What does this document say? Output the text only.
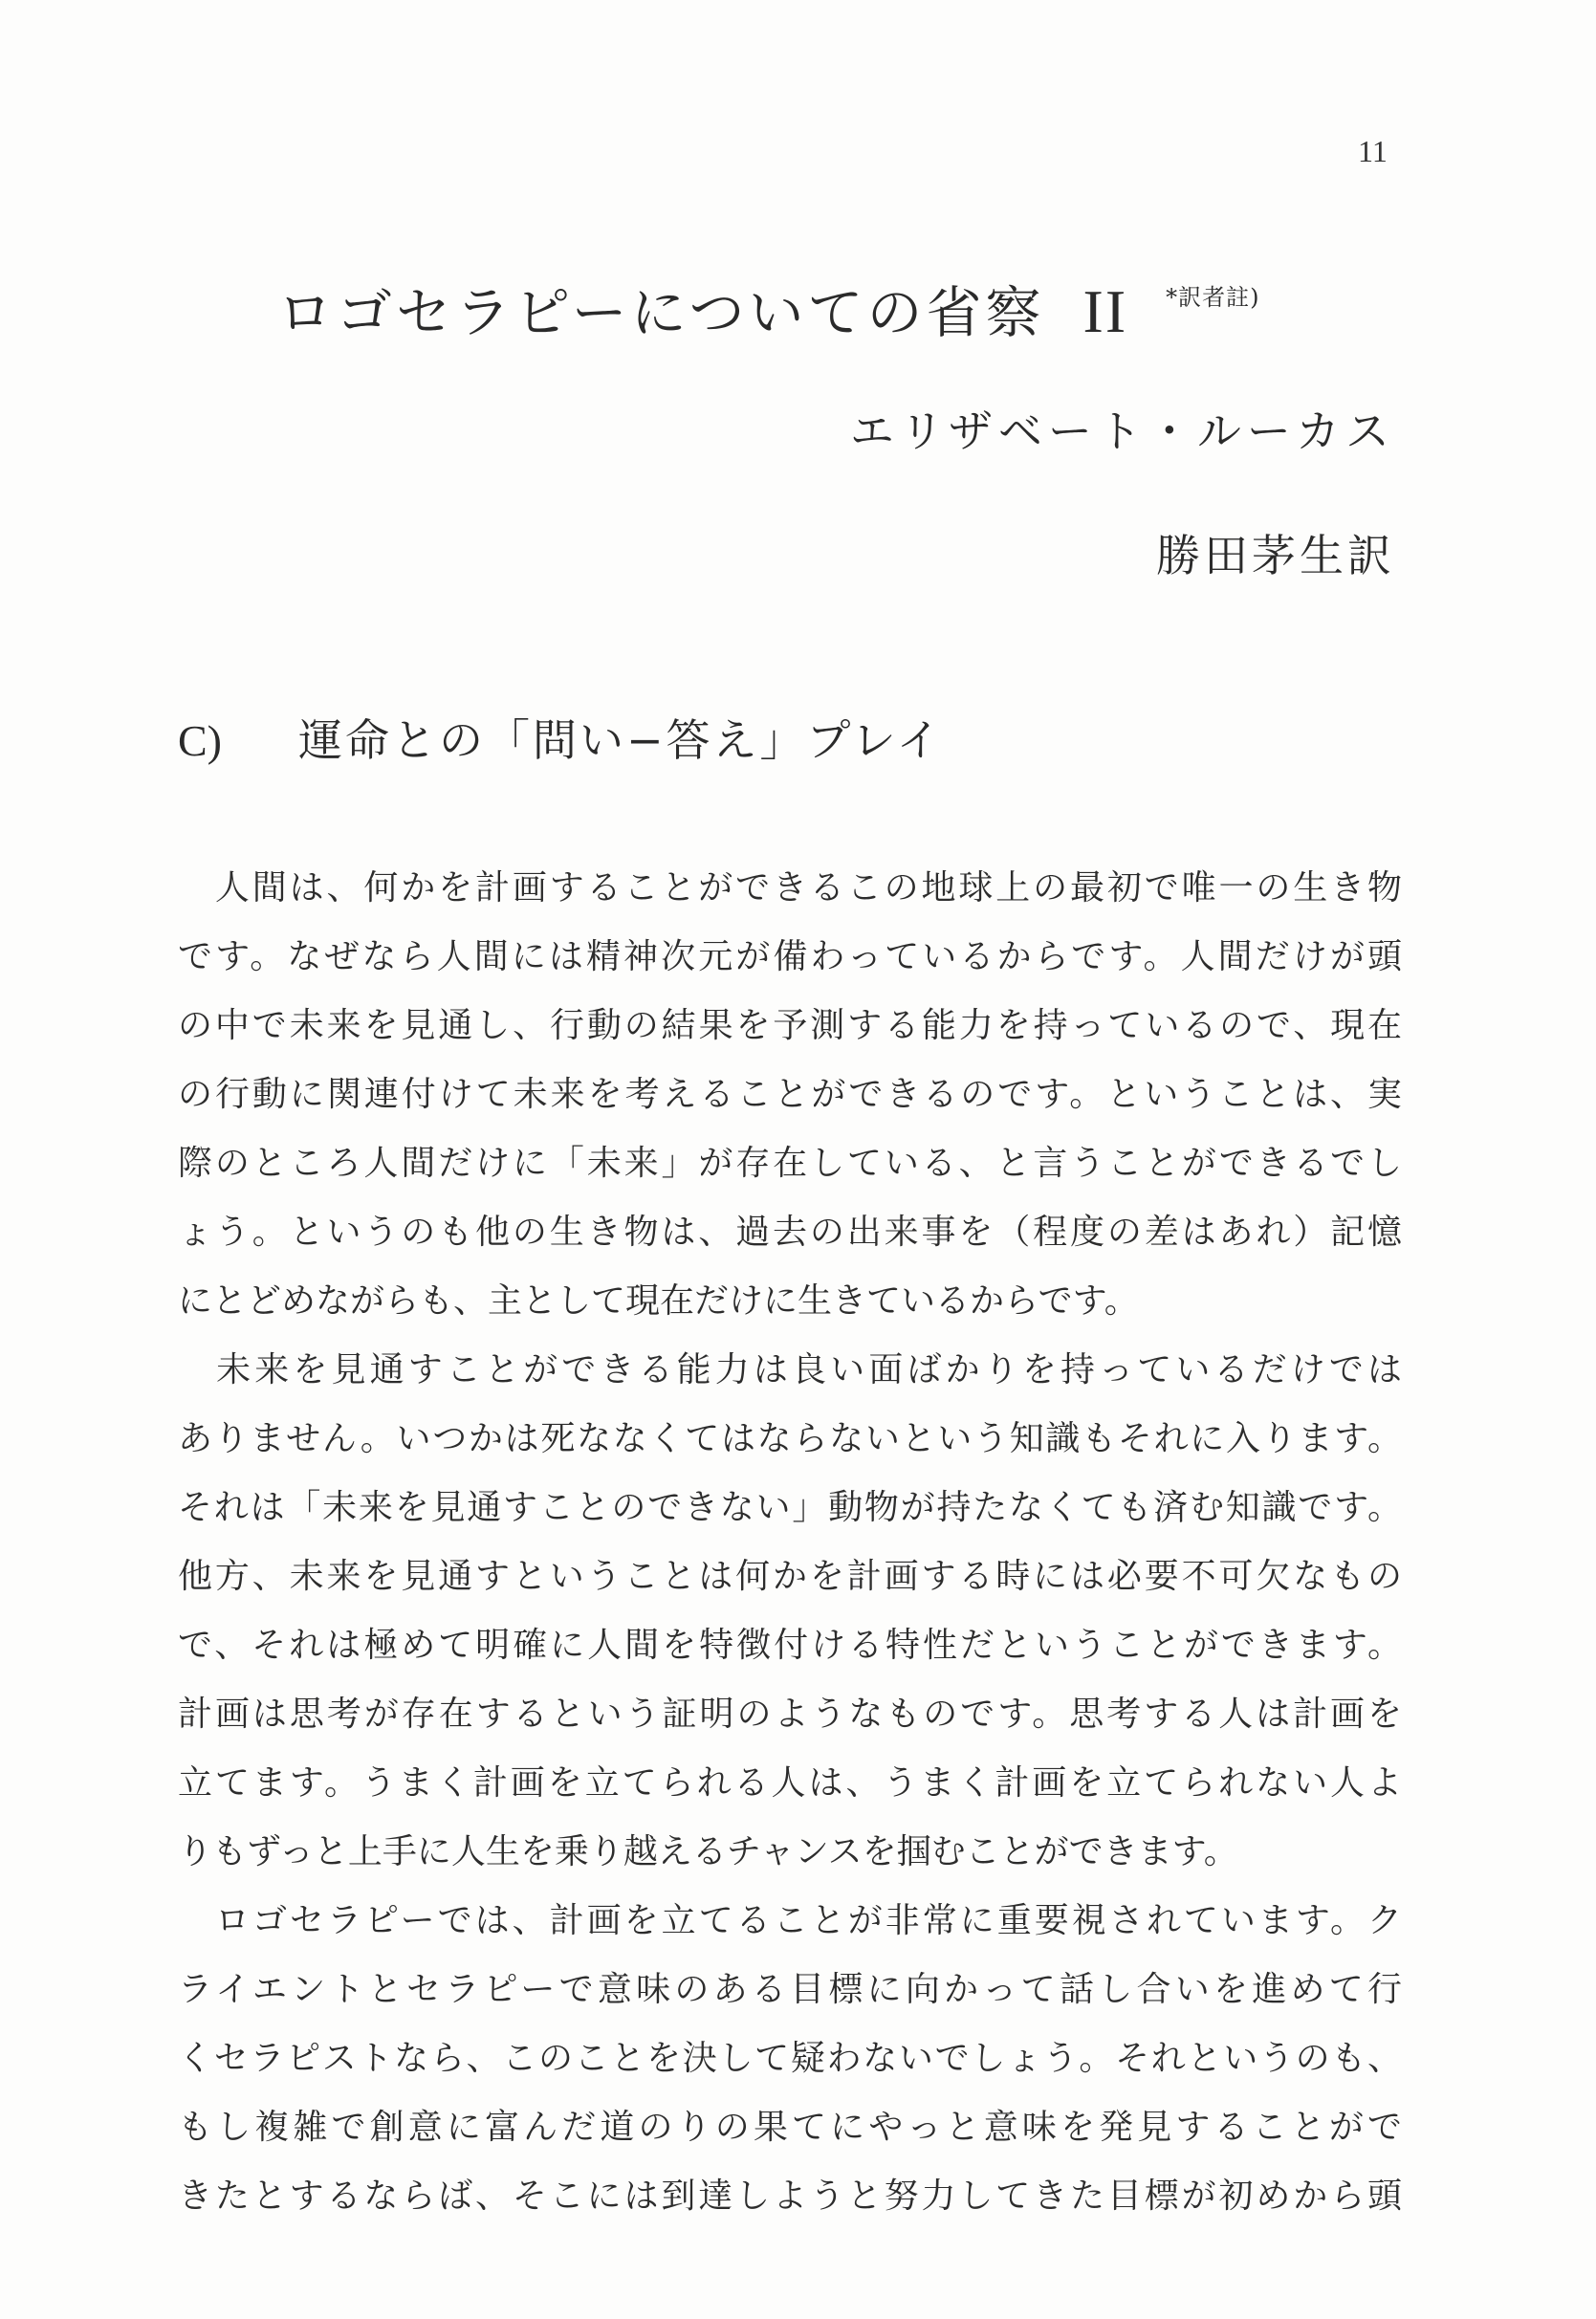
11
ロゴセラピーについての省察 II $^{*訳者註)}$
エリザベート・ルーカス
勝田茅生訳
C) 運命との「問い−答え」プレイ
　人間は、何かを計画することができるこの地球上の最初で唯一の生き物
です。なぜなら人間には精神次元が備わっているからです。人間だけが頭
の中で未来を見通し、行動の結果を予測する能力を持っているので、現在
の行動に関連付けて未来を考えることができるのです。ということは、実
際のところ人間だけに「未来」が存在している、と言うことができるでし
ょう。というのも他の生き物は、過去の出来事を（程度の差はあれ）記憶
にとどめながらも、主として現在だけに生きているからです。
　未来を見通すことができる能力は良い面ばかりを持っているだけでは
ありません。いつかは死ななくてはならないという知識もそれに入ります。
それは「未来を見通すことのできない」動物が持たなくても済む知識です。
他方、未来を見通すということは何かを計画する時には必要不可欠なもの
で、それは極めて明確に人間を特徴付ける特性だということができます。
計画は思考が存在するという証明のようなものです。思考する人は計画を
立てます。うまく計画を立てられる人は、うまく計画を立てられない人よ
りもずっと上手に人生を乗り越えるチャンスを掴むことができます。
　ロゴセラピーでは、計画を立てることが非常に重要視されています。ク
ライエントとセラピーで意味のある目標に向かって話し合いを進めて行
くセラピストなら、このことを決して疑わないでしょう。それというのも、
もし複雑で創意に富んだ道のりの果てにやっと意味を発見することがで
きたとするならば、そこには到達しようと努力してきた目標が初めから頭
